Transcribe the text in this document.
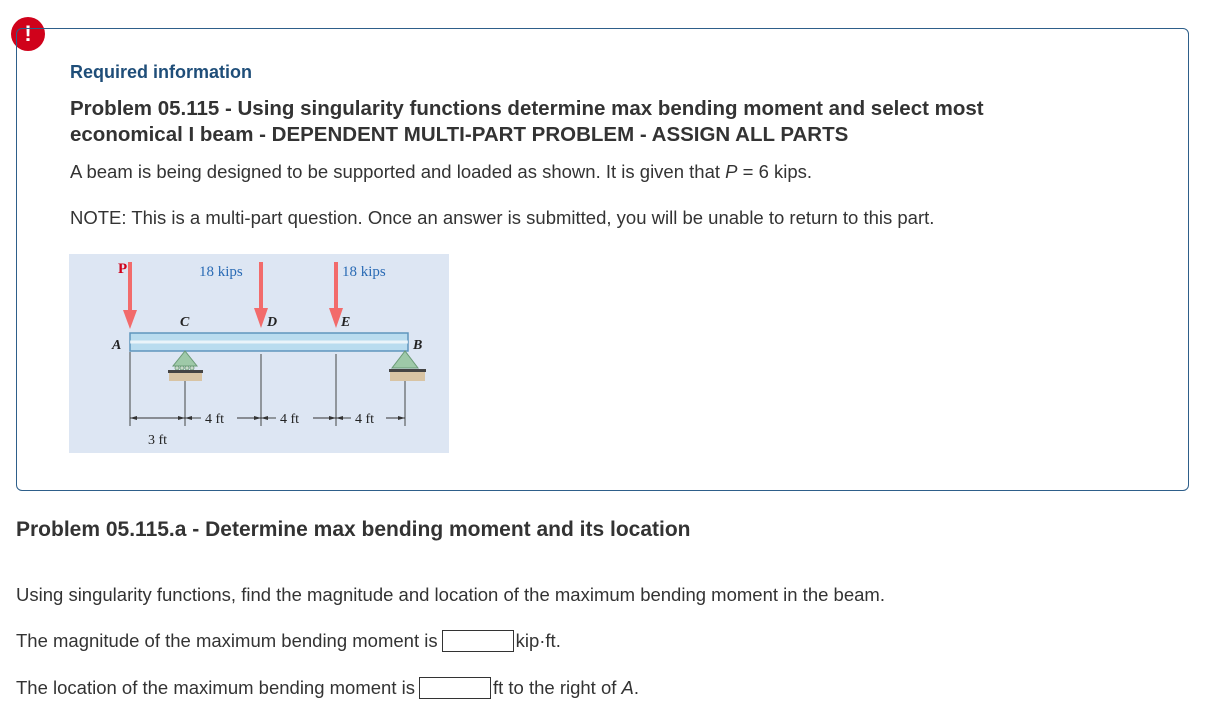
!
Required information
Problem 05.115 - Using singularity functions determine max bending moment and select most economical I beam - DEPENDENT MULTI-PART PROBLEM - ASSIGN ALL PARTS
A beam is being designed to be supported and loaded as shown. It is given that P = 6 kips.
NOTE: This is a multi-part question. Once an answer is submitted, you will be unable to return to this part.
P	18 kips	18 kips
A	B
C	D	E
3 ft
4 ft	4 ft	4 ft
Problem 05.115.a - Determine max bending moment and its location
Using singularity functions, find the magnitude and location of the maximum bending moment in the beam.
The magnitude of the maximum bending moment is	kip·ft.
The location of the maximum bending moment is	ft to the right of A.
